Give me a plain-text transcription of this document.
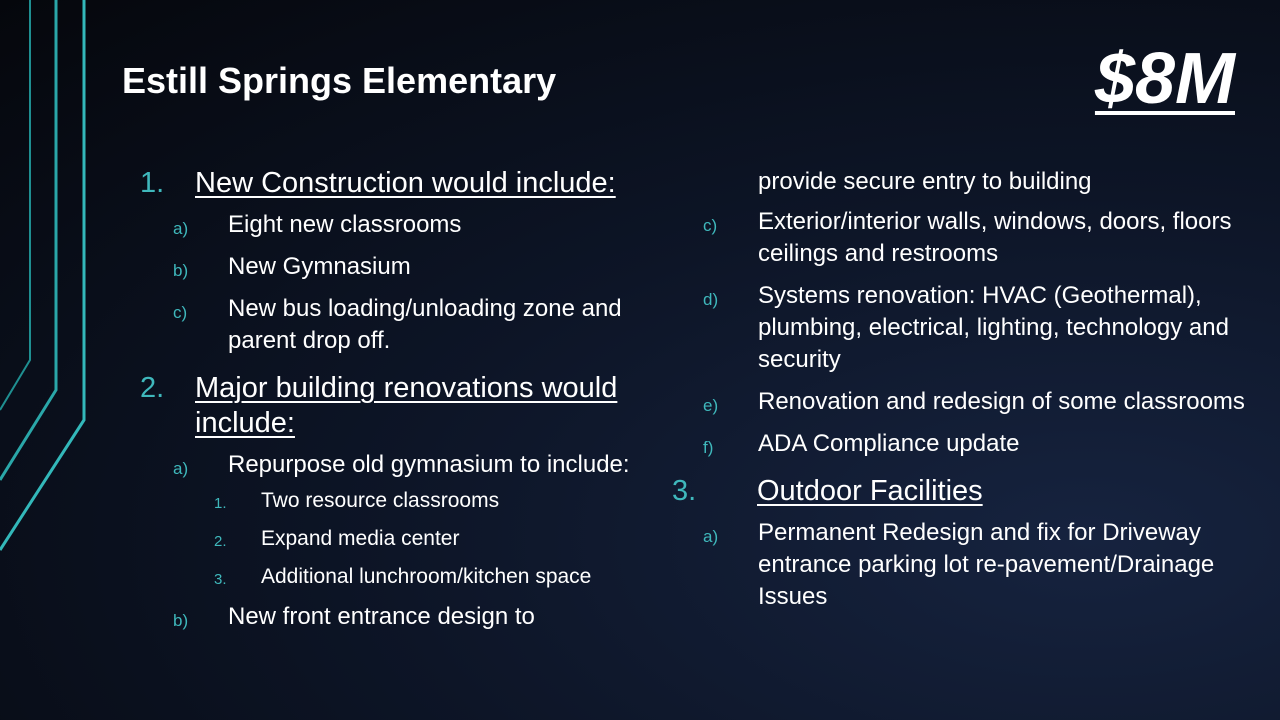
Estill Springs Elementary	$8M
1. New Construction would include:
a) Eight new classrooms
b) New Gymnasium
c) New bus loading/unloading zone and parent drop off.
2. Major building renovations would include:
a) Repurpose old gymnasium to include:
1. Two resource classrooms
2. Expand media center
3. Additional lunchroom/kitchen space
b) New front entrance design to
provide secure entry to building
c) Exterior/interior walls, windows, doors, floors ceilings and restrooms
d) Systems renovation: HVAC (Geothermal), plumbing, electrical, lighting, technology and security
e) Renovation and redesign of some classrooms
f) ADA Compliance update
3. Outdoor Facilities
a) Permanent Redesign and fix for Driveway entrance parking lot re-pavement/Drainage Issues
